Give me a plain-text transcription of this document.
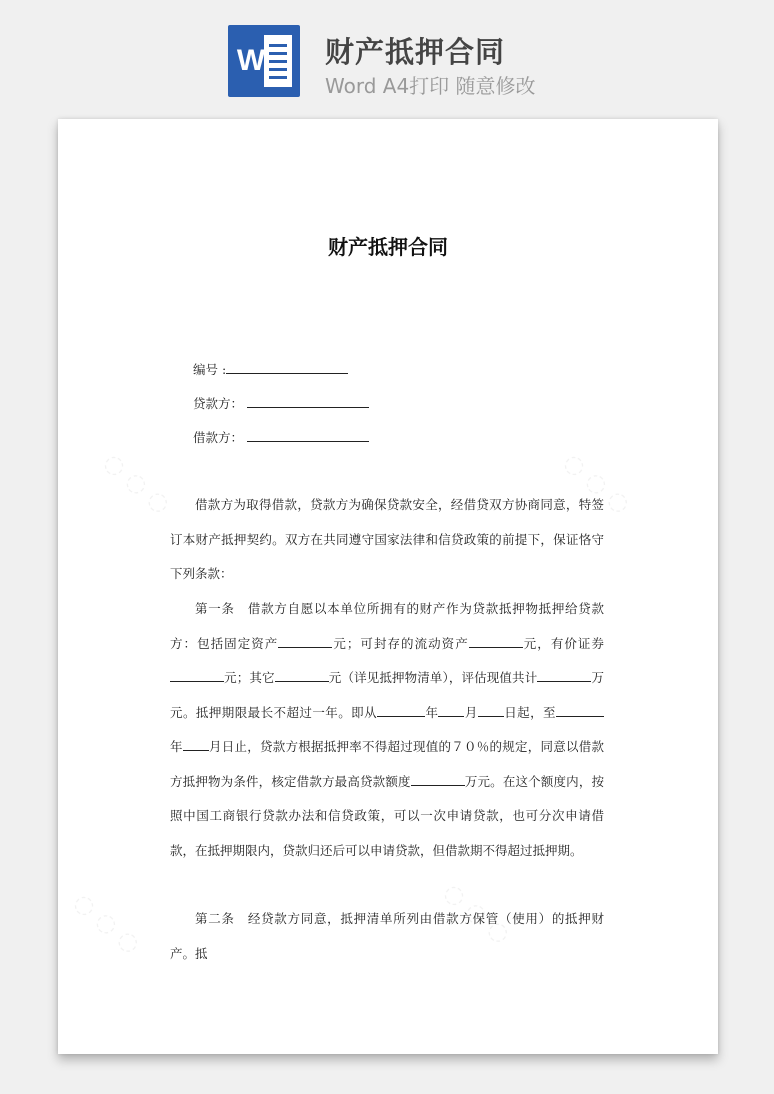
W 财产抵押合同
Word A4打印 随意修改
◌ ◌ ◌	◌ ◌ ◌
◌ ◌ ◌	◌ ◌ ◌
财产抵押合同
编号 :
贷款方：
借款方：

借款方为取得借款，贷款方为确保贷款安全，经借贷双方协商同意，特签订本财产抵押契约。双方在共同遵守国家法律和信贷政策的前提下，保证恪守下列条款：

第一条　借款方自愿以本单位所拥有的财产作为贷款抵押物抵押给贷款方：包括固定资产	元；可封存的流动资产	元，有价证券元；其它	元（详见抵押物清单），评估现值共计	万元。抵押期限最长不超过一年。即从	年 月 日起，至年 月日止，贷款方根据抵押率不得超过现值的７０％的规定，同意以借款方抵押物为条件，核定借款方最高贷款额度	万元。在这个额度内，按照中国工商银行贷款办法和信贷政策，可以一次申请贷款，也可分次申请借款，在抵押期限内，贷款归还后可以申请贷款，但借款期不得超过抵押期。

第二条　经贷款方同意，抵押清单所列由借款方保管（使用）的抵押财产。抵
